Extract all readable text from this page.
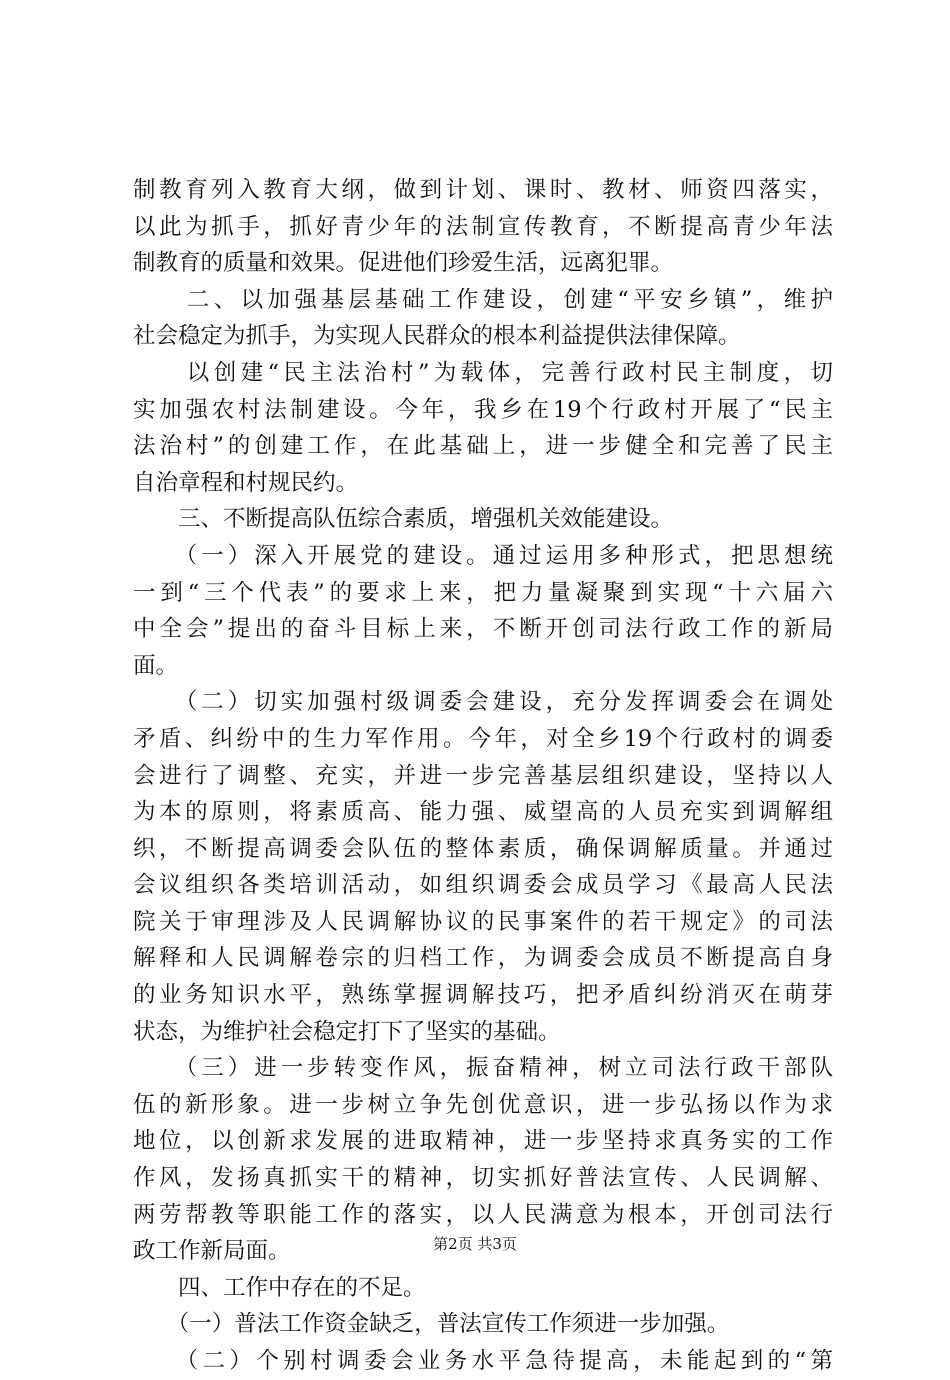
制教育列入教育大纲，做到计划、课时、教材、师资四落实，
以此为抓手，抓好青少年的法制宣传教育，不断提高青少年法
制教育的质量和效果。促进他们珍爱生活，远离犯罪。
　　二、以加强基层基础工作建设，创建“平安乡镇”，维护
社会稳定为抓手，为实现人民群众的根本利益提供法律保障。
　　以创建“民主法治村”为载体，完善行政村民主制度，切
实加强农村法制建设。今年，我乡在19个行政村开展了“民主
法治村”的创建工作，在此基础上，进一步健全和完善了民主
自治章程和村规民约。
　　三、不断提高队伍综合素质，增强机关效能建设。
　　（一）深入开展党的建设。通过运用多种形式，把思想统
一到“三个代表”的要求上来，把力量凝聚到实现“十六届六
中全会”提出的奋斗目标上来，不断开创司法行政工作的新局
面。
　　（二）切实加强村级调委会建设，充分发挥调委会在调处
矛盾、纠纷中的生力军作用。今年，对全乡19个行政村的调委
会进行了调整、充实，并进一步完善基层组织建设，坚持以人
为本的原则，将素质高、能力强、威望高的人员充实到调解组
织，不断提高调委会队伍的整体素质，确保调解质量。并通过
会议组织各类培训活动，如组织调委会成员学习《最高人民法
院关于审理涉及人民调解协议的民事案件的若干规定》的司法
解释和人民调解卷宗的归档工作，为调委会成员不断提高自身
的业务知识水平，熟练掌握调解技巧，把矛盾纠纷消灭在萌芽
状态，为维护社会稳定打下了坚实的基础。
　　（三）进一步转变作风，振奋精神，树立司法行政干部队
伍的新形象。进一步树立争先创优意识，进一步弘扬以作为求
地位，以创新求发展的进取精神，进一步坚持求真务实的工作
作风，发扬真抓实干的精神，切实抓好普法宣传、人民调解、
两劳帮教等职能工作的落实，以人民满意为根本，开创司法行
政工作新局面。
　　四、工作中存在的不足。
　　（一）普法工作资金缺乏，普法宣传工作须进一步加强。
　　（二）个别村调委会业务水平急待提高，未能起到的“第
第2页 共3页
